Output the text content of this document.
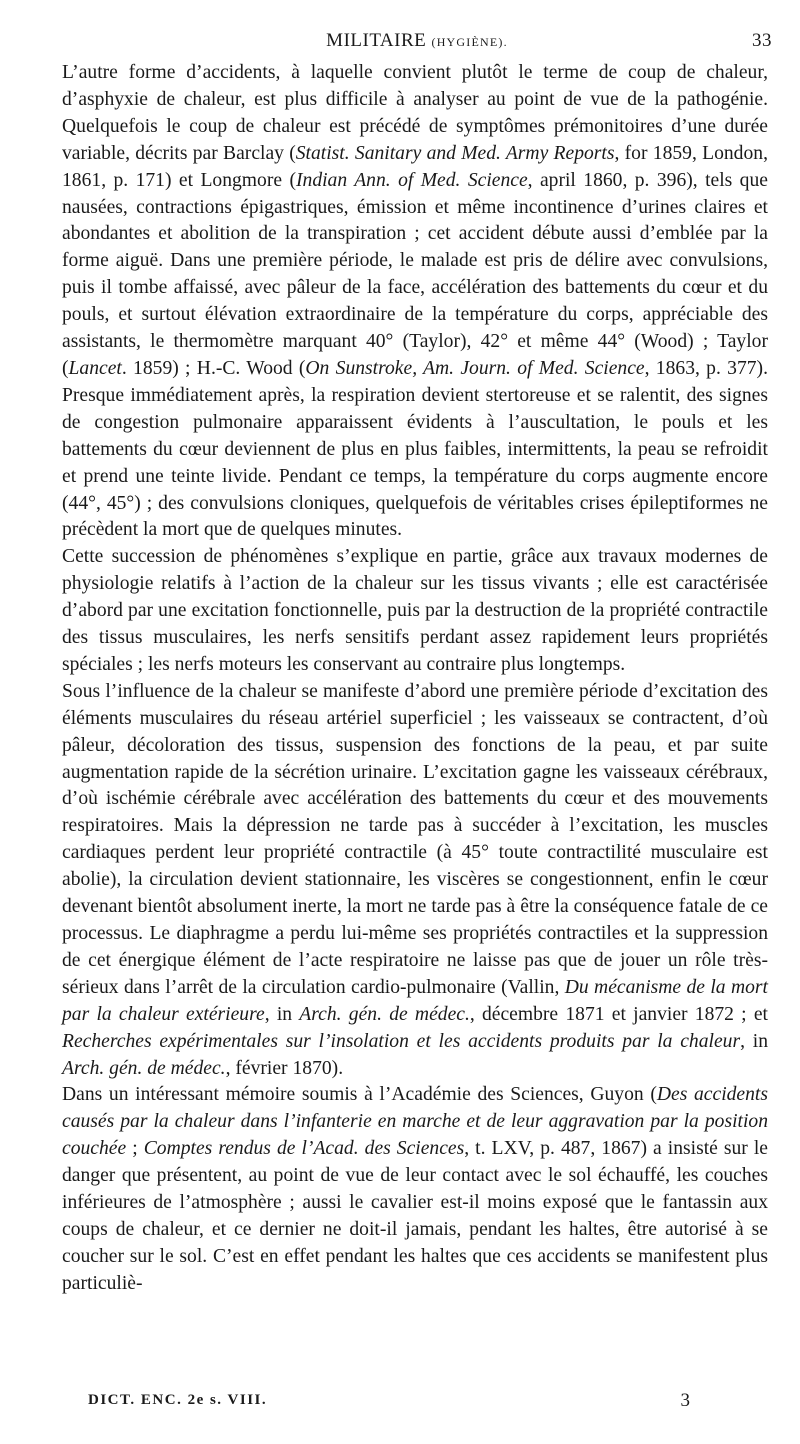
MILITAIRE (HYGIÈNE).	33

L’autre forme d’accidents, à laquelle convient plutôt le terme de coup de chaleur, d’asphyxie de chaleur, est plus difficile à analyser au point de vue de la pathogénie. Quelquefois le coup de chaleur est précédé de symptômes prémonitoires d’une durée variable, décrits par Barclay (Statist. Sanitary and Med. Army Reports, for 1859, London, 1861, p. 171) et Longmore (Indian Ann. of Med. Science, april 1860, p. 396), tels que nausées, contractions épigastriques, émission et même incontinence d’urines claires et abondantes et abolition de la transpiration ; cet accident débute aussi d’emblée par la forme aiguë. Dans une première période, le malade est pris de délire avec convulsions, puis il tombe affaissé, avec pâleur de la face, accélération des battements du cœur et du pouls, et surtout élévation extraordinaire de la température du corps, appréciable des assistants, le thermomètre marquant 40° (Taylor), 42° et même 44° (Wood) ; Taylor (Lancet. 1859) ; H.-C. Wood (On Sunstroke, Am. Journ. of Med. Science, 1863, p. 377). Presque immédiatement après, la respiration devient stertoreuse et se ralentit, des signes de congestion pulmonaire apparaissent évidents à l’auscultation, le pouls et les battements du cœur deviennent de plus en plus faibles, intermittents, la peau se refroidit et prend une teinte livide. Pendant ce temps, la température du corps augmente encore (44°, 45°) ; des convulsions cloniques, quelquefois de véritables crises épileptiformes ne précèdent la mort que de quelques minutes.

Cette succession de phénomènes s’explique en partie, grâce aux travaux modernes de physiologie relatifs à l’action de la chaleur sur les tissus vivants ; elle est caractérisée d’abord par une excitation fonctionnelle, puis par la destruction de la propriété contractile des tissus musculaires, les nerfs sensitifs perdant assez rapidement leurs propriétés spéciales ; les nerfs moteurs les conservant au contraire plus longtemps.

Sous l’influence de la chaleur se manifeste d’abord une première période d’excitation des éléments musculaires du réseau artériel superficiel ; les vaisseaux se contractent, d’où pâleur, décoloration des tissus, suspension des fonctions de la peau, et par suite augmentation rapide de la sécrétion urinaire. L’excitation gagne les vaisseaux cérébraux, d’où ischémie cérébrale avec accélération des battements du cœur et des mouvements respiratoires. Mais la dépression ne tarde pas à succéder à l’excitation, les muscles cardiaques perdent leur propriété contractile (à 45° toute contractilité musculaire est abolie), la circulation devient stationnaire, les viscères se congestionnent, enfin le cœur devenant bientôt absolument inerte, la mort ne tarde pas à être la conséquence fatale de ce processus. Le diaphragme a perdu lui-même ses propriétés contractiles et la suppression de cet énergique élément de l’acte respiratoire ne laisse pas que de jouer un rôle très-sérieux dans l’arrêt de la circulation cardio-pulmonaire (Vallin, Du mécanisme de la mort par la chaleur extérieure, in Arch. gén. de médec., décembre 1871 et janvier 1872 ; et Recherches expérimentales sur l’insolation et les accidents produits par la chaleur, in Arch. gén. de médec., février 1870).

Dans un intéressant mémoire soumis à l’Académie des Sciences, Guyon (Des accidents causés par la chaleur dans l’infanterie en marche et de leur aggravation par la position couchée ; Comptes rendus de l’Acad. des Sciences, t. LXV, p. 487, 1867) a insisté sur le danger que présentent, au point de vue de leur contact avec le sol échauffé, les couches inférieures de l’atmosphère ; aussi le cavalier est-il moins exposé que le fantassin aux coups de chaleur, et ce dernier ne doit-il jamais, pendant les haltes, être autorisé à se coucher sur le sol. C’est en effet pendant les haltes que ces accidents se manifestent plus particuliè-

DICT. ENC. 2e s. VIII.	3
